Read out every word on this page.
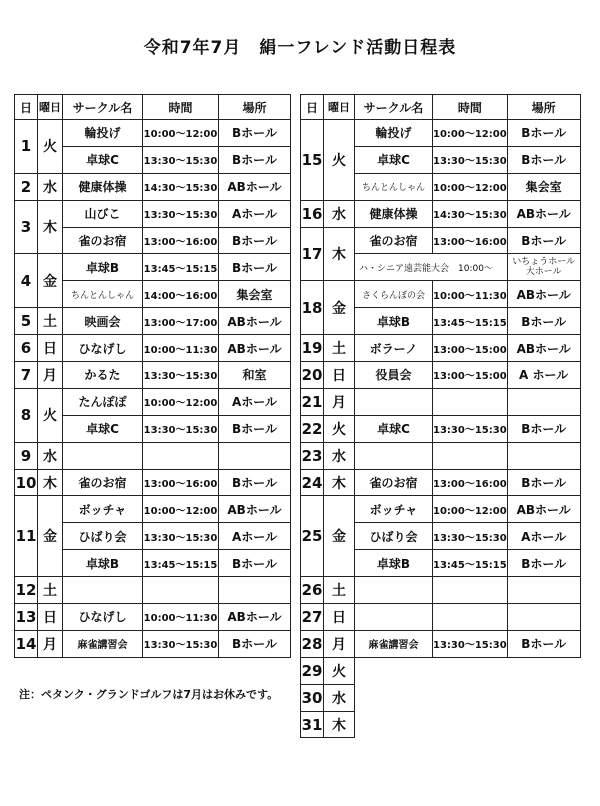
令和7年7月　絹一フレンド活動日程表
日	曜日	サークル名	時間	場所
1	火	輪投げ	10:00～12:00	Bホール
		卓球C	13:30～15:30	Bホール
2	水	健康体操	14:30～15:30	ABホール
3	木	山びこ	13:30～15:30	Aホール
		雀のお宿	13:00～16:00	Bホール
4	金	卓球B	13:45～15:15	Bホール
		ちんとんしゃん	14:00～16:00	集会室
5	土	映画会	13:00～17:00	ABホール
6	日	ひなげし	10:00～11:30	ABホール
7	月	かるた	13:30～15:30	和室
8	火	たんぽぽ	10:00～12:00	Aホール
		卓球C	13:30～15:30	Bホール
9	水			
10	木	雀のお宿	13:00～16:00	Bホール
11	金	ボッチャ	10:00～12:00	ABホール
		ひばり会	13:30～15:30	Aホール
		卓球B	13:45～15:15	Bホール
12	土			
13	日	ひなげし	10:00～11:30	ABホール
14	月	麻雀講習会	13:30～15:30	Bホール
日	曜日	サークル名	時間	場所
15	火	輪投げ	10:00～12:00	Bホール
		卓球C	13:30～15:30	Bホール
		ちんとんしゃん	10:00～12:00	集会室
16	水	健康体操	14:30～15:30	ABホール
17	木	雀のお宿	13:00～16:00	Bホール
		ハ・シニア遠芸能大会　10:00～		いちょうホール 大ホール
18	金	さくらんぼの会	10:00～11:30	ABホール
		卓球B	13:45～15:15	Bホール
19	土	ボラーノ	13:00～15:00	ABホール
20	日	役員会	13:00～15:00	A ホール
21	月			
22	火	卓球C	13:30～15:30	Bホール
23	水			
24	木	雀のお宿	13:00～16:00	Bホール
25	金	ボッチャ	10:00～12:00	ABホール
		ひばり会	13:30～15:30	Aホール
		卓球B	13:45～15:15	Bホール
26	土			
27	日			
28	月	麻雀講習会	13:30～15:30	Bホール
29	火			
30	水			
31	木			
注：ペタンク・グランドゴルフは7月はお休みです。
